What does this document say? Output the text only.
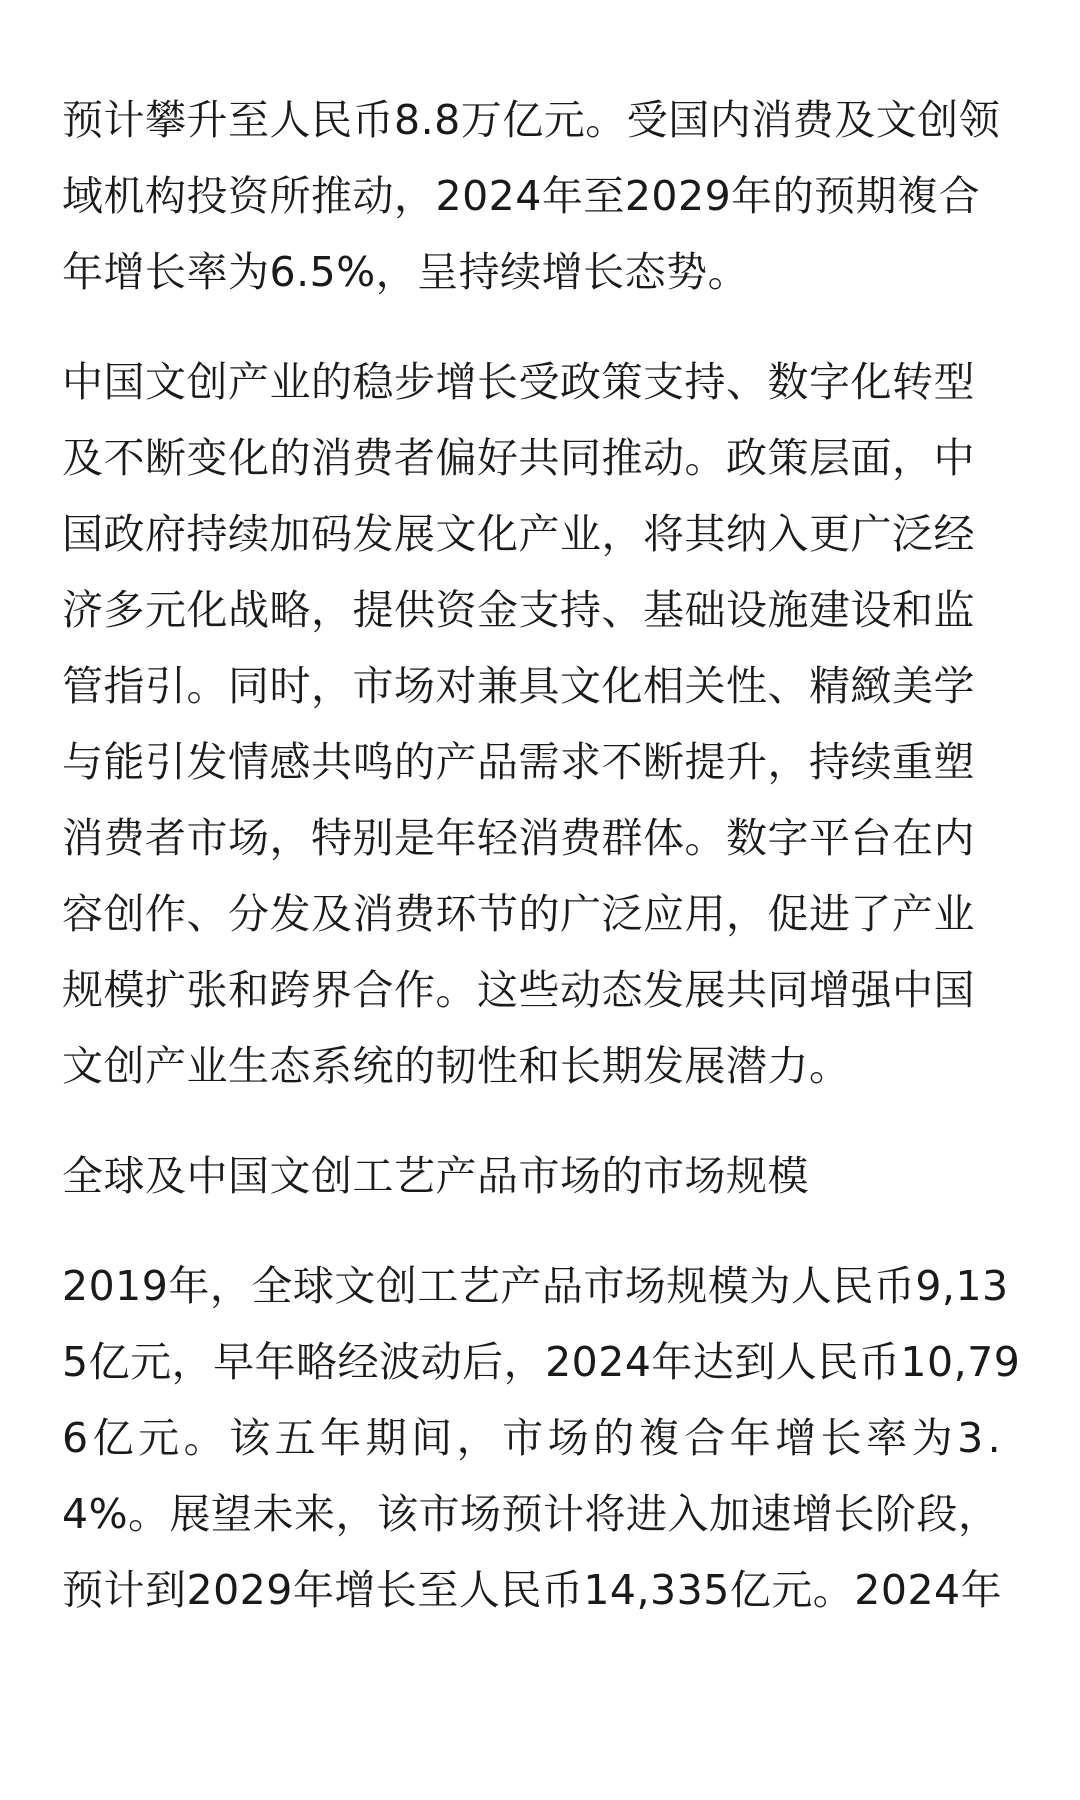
预计攀升至人民币8.8万亿元。受国内消费及文创领
域机构投资所推动，2024年至2029年的预期複合
年增长率为6.5%，呈持续增长态势。
中国文创产业的稳步增长受政策支持、数字化转型
及不断变化的消费者偏好共同推动。政策层面，中
国政府持续加码发展文化产业，将其纳入更广泛经
济多元化战略，提供资金支持、基础设施建设和监
管指引。同时，市场对兼具文化相关性、精緻美学
与能引发情感共鸣的产品需求不断提升，持续重塑
消费者市场，特别是年轻消费群体。数字平台在内
容创作、分发及消费环节的广泛应用，促进了产业
规模扩张和跨界合作。这些动态发展共同增强中国
文创产业生态系统的韧性和长期发展潜力。
全球及中国文创工艺产品市场的市场规模
2019年，全球文创工艺产品市场规模为人民币9,13
5亿元，早年略经波动后，2024年达到人民币10,79
6亿元。该五年期间，市场的複合年增长率为3.
4%。展望未来，该市场预计将进入加速增长阶段，
预计到2029年增长至人民币14,335亿元。2024年
